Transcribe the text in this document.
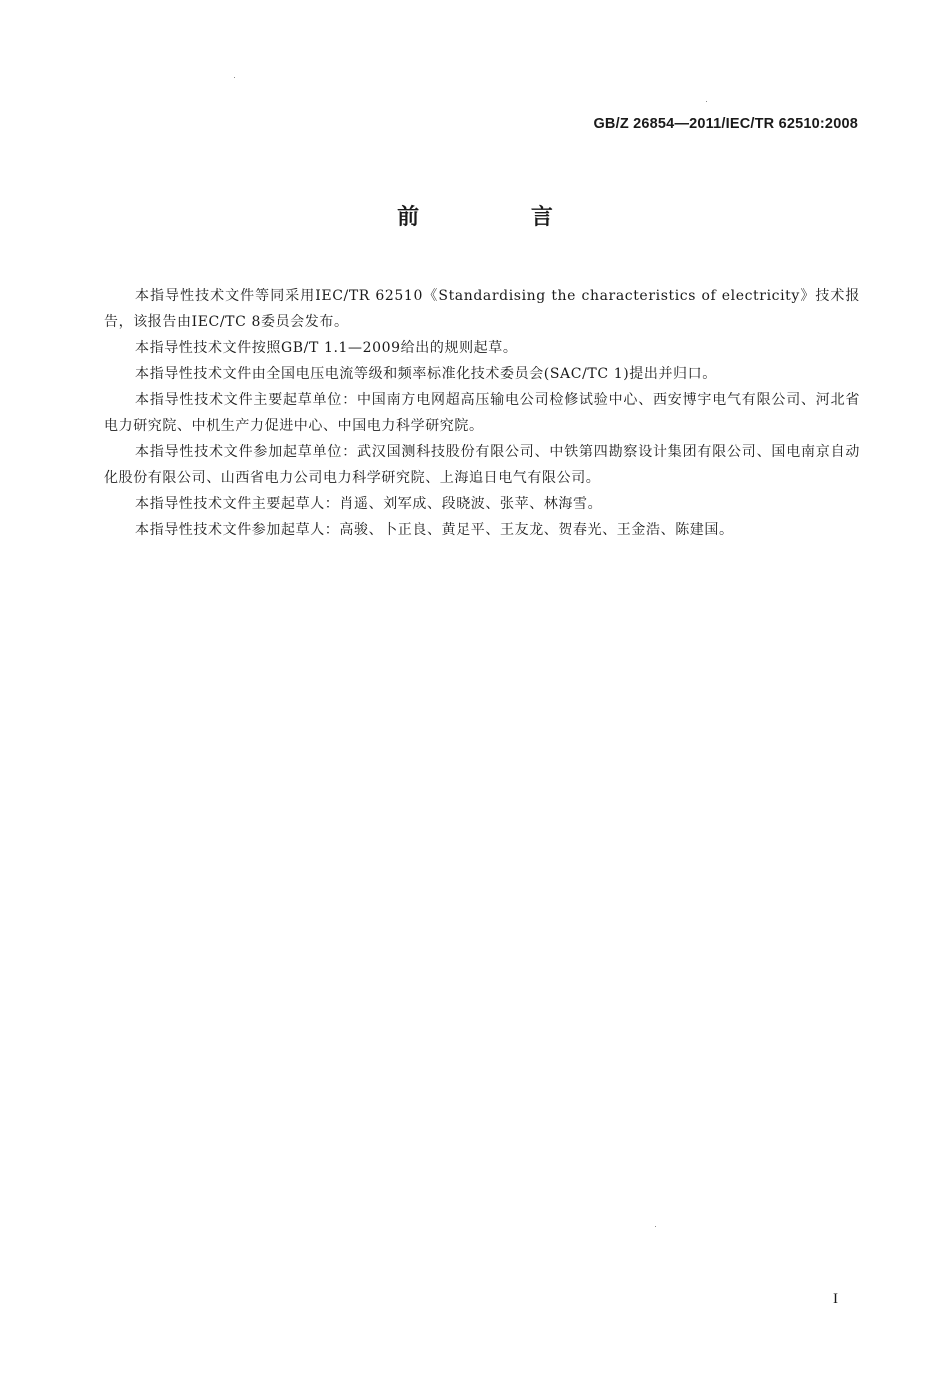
GB/Z 26854—2011/IEC/TR 62510:2008
前 言

本指导性技术文件等同采用IEC/TR 62510《Standardising the characteristics of electricity》技术报告，该报告由IEC/TC 8委员会发布。

本指导性技术文件按照GB/T 1.1—2009给出的规则起草。

本指导性技术文件由全国电压电流等级和频率标准化技术委员会(SAC/TC 1)提出并归口。

本指导性技术文件主要起草单位：中国南方电网超高压输电公司检修试验中心、西安博宇电气有限公司、河北省电力研究院、中机生产力促进中心、中国电力科学研究院。

本指导性技术文件参加起草单位：武汉国测科技股份有限公司、中铁第四勘察设计集团有限公司、国电南京自动化股份有限公司、山西省电力公司电力科学研究院、上海追日电气有限公司。

本指导性技术文件主要起草人：肖遥、刘军成、段晓波、张苹、林海雪。

本指导性技术文件参加起草人：高骏、卜正良、黄足平、王友龙、贺春光、王金浩、陈建国。

I
